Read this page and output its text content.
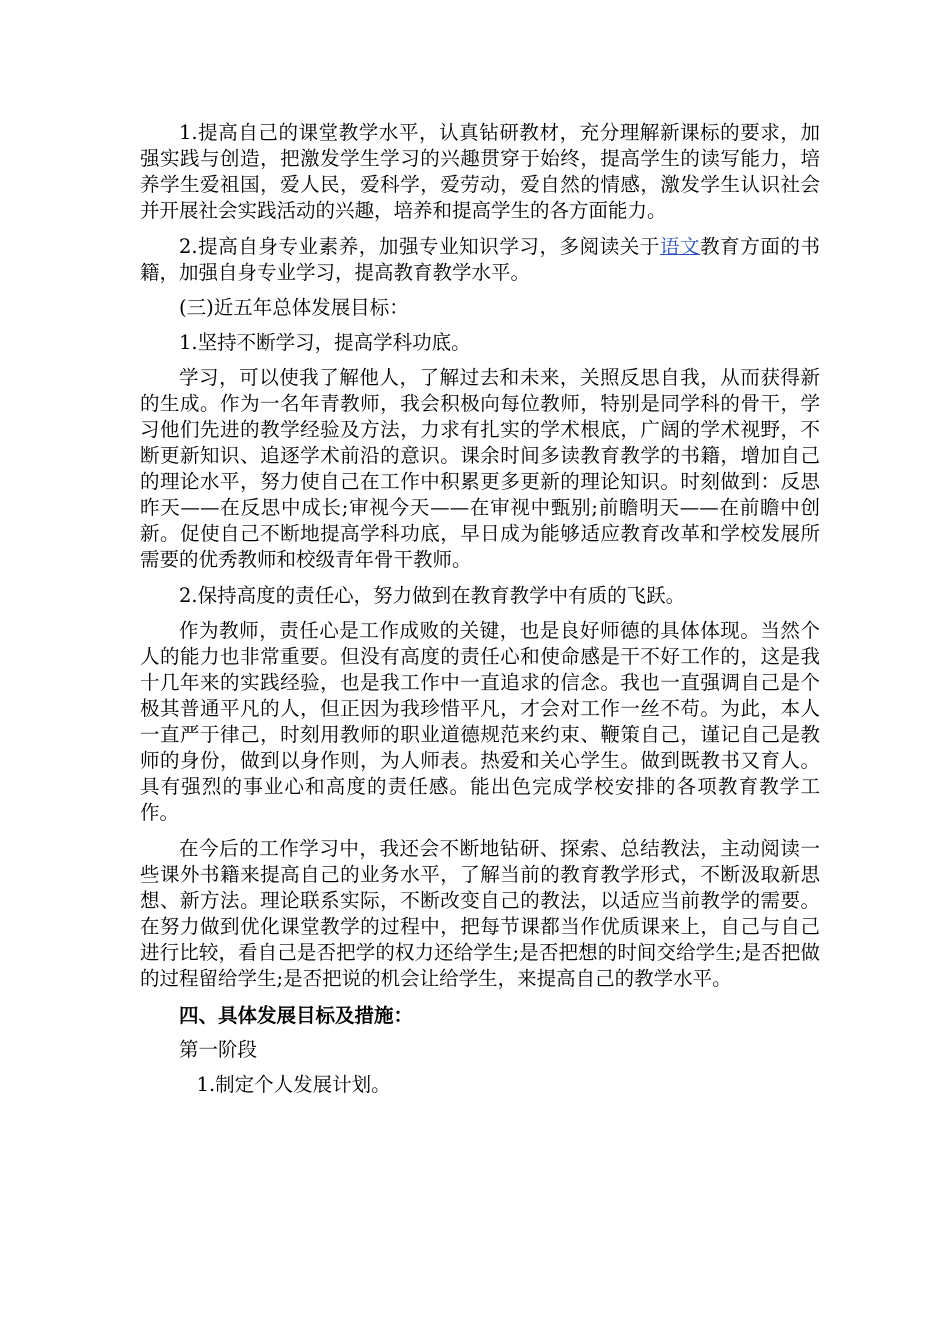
1.提高自己的课堂教学水平，认真钻研教材，充分理解新课标的要求，加强实践与创造，把激发学生学习的兴趣贯穿于始终，提高学生的读写能力，培养学生爱祖国，爱人民，爱科学，爱劳动，爱自然的情感，激发学生认识社会并开展社会实践活动的兴趣，培养和提高学生的各方面能力。

2.提高自身专业素养，加强专业知识学习，多阅读关于语文教育方面的书籍，加强自身专业学习，提高教育教学水平。

(三)近五年总体发展目标：

1.坚持不断学习，提高学科功底。

学习，可以使我了解他人，了解过去和未来，关照反思自我，从而获得新的生成。作为一名年青教师，我会积极向每位教师，特别是同学科的骨干，学习他们先进的教学经验及方法，力求有扎实的学术根底，广阔的学术视野，不断更新知识、追逐学术前沿的意识。课余时间多读教育教学的书籍，增加自己的理论水平，努力使自己在工作中积累更多更新的理论知识。时刻做到：反思昨天——在反思中成长;审视今天——在审视中甄别;前瞻明天——在前瞻中创新。促使自己不断地提高学科功底，早日成为能够适应教育改革和学校发展所需要的优秀教师和校级青年骨干教师。

2.保持高度的责任心，努力做到在教育教学中有质的飞跃。

作为教师，责任心是工作成败的关键，也是良好师德的具体体现。当然个人的能力也非常重要。但没有高度的责任心和使命感是干不好工作的，这是我十几年来的实践经验，也是我工作中一直追求的信念。我也一直强调自己是个极其普通平凡的人，但正因为我珍惜平凡，才会对工作一丝不苟。为此，本人一直严于律己，时刻用教师的职业道德规范来约束、鞭策自己，谨记自己是教师的身份，做到以身作则，为人师表。热爱和关心学生。做到既教书又育人。具有强烈的事业心和高度的责任感。能出色完成学校安排的各项教育教学工作。

在今后的工作学习中，我还会不断地钻研、探索、总结教法，主动阅读一些课外书籍来提高自己的业务水平，了解当前的教育教学形式，不断汲取新思想、新方法。理论联系实际，不断改变自己的教法，以适应当前教学的需要。在努力做到优化课堂教学的过程中，把每节课都当作优质课来上，自己与自己进行比较，看自己是否把学的权力还给学生;是否把想的时间交给学生;是否把做的过程留给学生;是否把说的机会让给学生，来提高自己的教学水平。

四、具体发展目标及措施：

第一阶段

1.制定个人发展计划。
